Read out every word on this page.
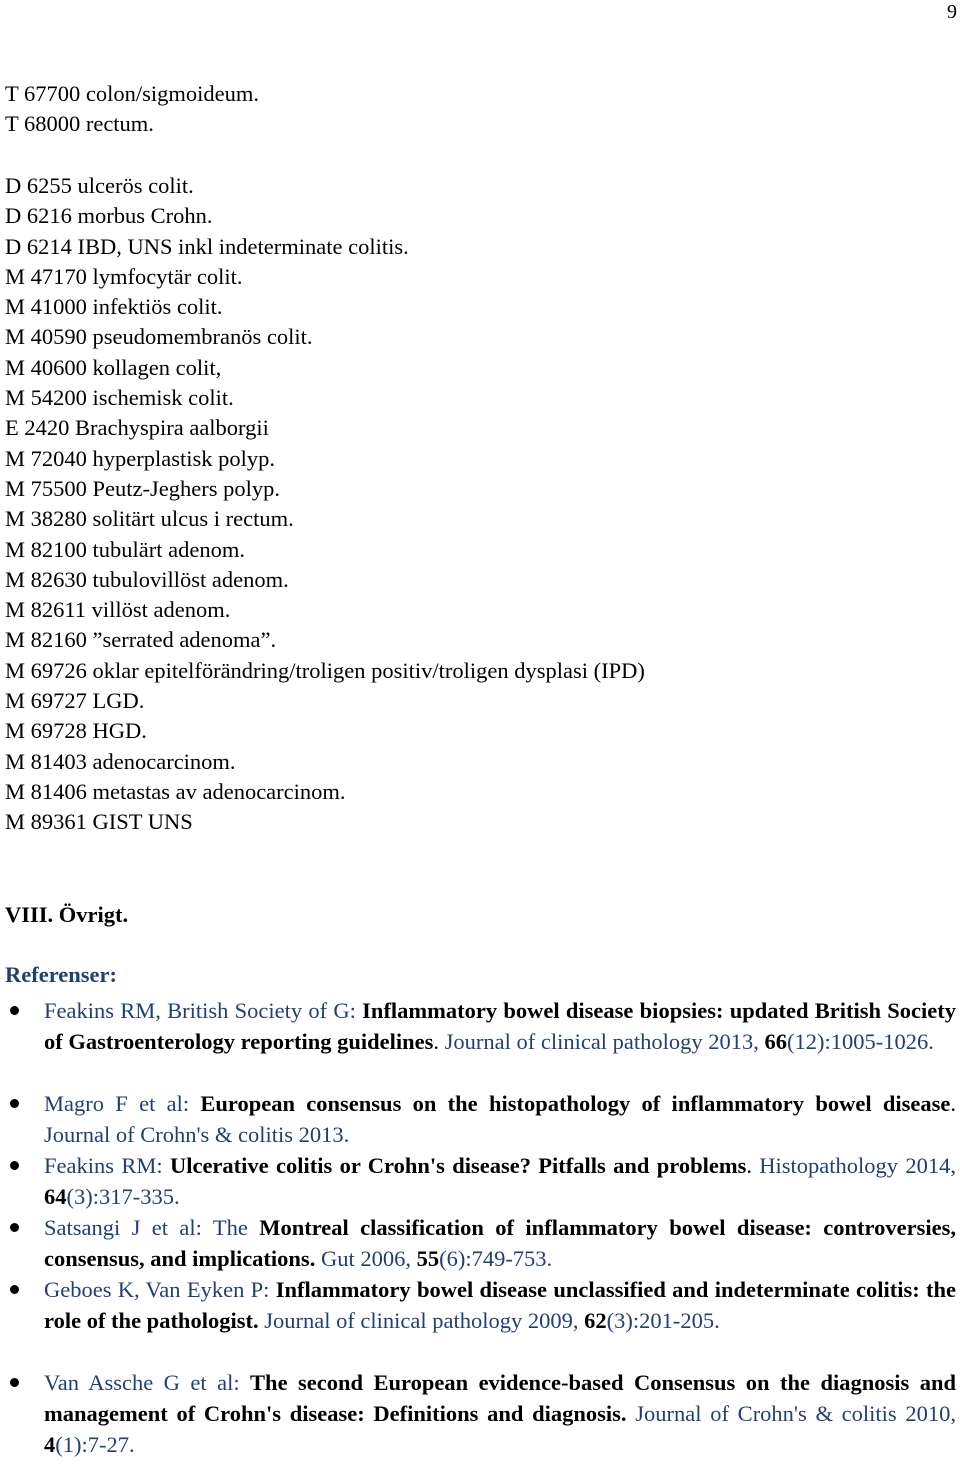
9
T 67700 colon/sigmoideum.
T 68000 rectum.
D 6255 ulcerös colit.
D 6216 morbus Crohn.
D 6214 IBD, UNS inkl indeterminate colitis.
M 47170 lymfocytär colit.
M 41000 infektiös colit.
M 40590 pseudomembranös colit.
M 40600 kollagen colit,
M 54200 ischemisk colit.
E 2420 Brachyspira aalborgii
M 72040 hyperplastisk polyp.
M 75500 Peutz-Jeghers polyp.
M 38280 solitärt ulcus i rectum.
M 82100 tubulärt adenom.
M 82630 tubulovillöst adenom.
M 82611 villöst adenom.
M 82160 ”serrated adenoma”.
M 69726 oklar epitelförändring/troligen positiv/troligen dysplasi (IPD)
M 69727 LGD.
M 69728 HGD.
M 81403 adenocarcinom.
M 81406 metastas av adenocarcinom.
M 89361 GIST UNS
VIII. Övrigt.
Referenser:
Feakins RM, British Society of G: Inflammatory bowel disease biopsies: updated British Society of Gastroenterology reporting guidelines. Journal of clinical pathology 2013, 66(12):1005-1026.
Magro F et al: European consensus on the histopathology of inflammatory bowel disease. Journal of Crohn's & colitis 2013.
Feakins RM: Ulcerative colitis or Crohn's disease? Pitfalls and problems. Histopathology 2014, 64(3):317-335.
Satsangi J et al: The Montreal classification of inflammatory bowel disease: controversies, consensus, and implications. Gut 2006, 55(6):749-753.
Geboes K, Van Eyken P: Inflammatory bowel disease unclassified and indeterminate colitis: the role of the pathologist. Journal of clinical pathology 2009, 62(3):201-205.
Van Assche G et al: The second European evidence-based Consensus on the diagnosis and management of Crohn's disease: Definitions and diagnosis. Journal of Crohn's & colitis 2010, 4(1):7-27.
